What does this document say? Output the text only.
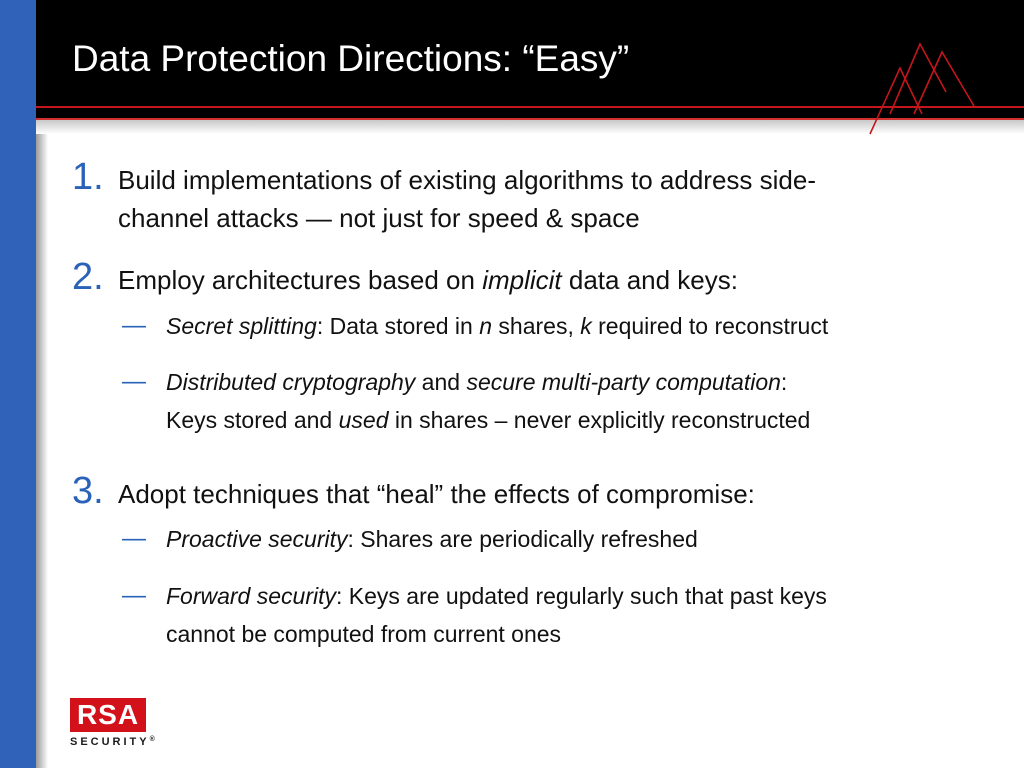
Data Protection Directions: “Easy”
1. Build implementations of existing algorithms to address side-
channel attacks — not just for speed & space
2. Employ architectures based on implicit data and keys:
— Secret splitting: Data stored in n shares, k required to reconstruct
— Distributed cryptography and secure multi-party computation:
Keys stored and used in shares – never explicitly reconstructed
3. Adopt techniques that “heal” the effects of compromise:
— Proactive security: Shares are periodically refreshed
— Forward security: Keys are updated regularly such that past keys
cannot be computed from current ones
RSA
SECURITY®
